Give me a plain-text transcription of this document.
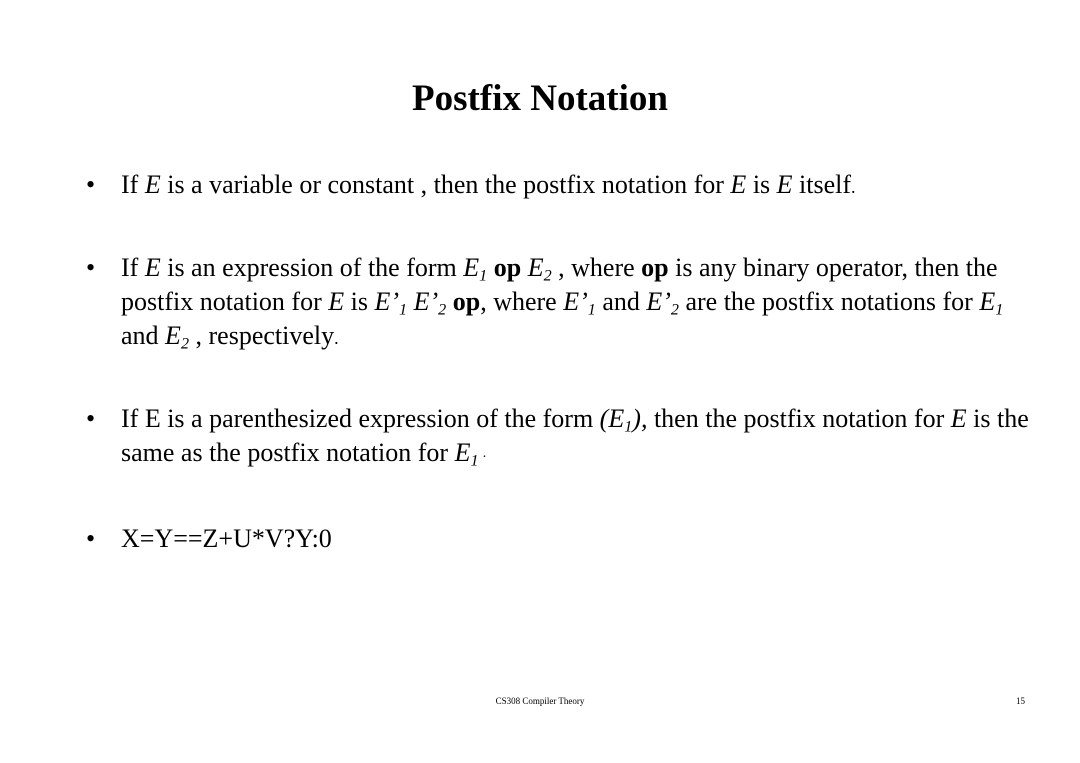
Postfix Notation
• If E is a variable or constant , then the postfix notation for E is E itself.
• If E is an expression of the form $E_1$ op $E_2$ , where op is any binary operator, then the postfix notation for E is $E’_1$ $E’_2$ op, where $E’_1$ and $E’_2$ are the postfix notations for $E_1$ and $E_2$ , respectively.
• If E is a parenthesized expression of the form $(E_1)$, then the postfix notation for E is the same as the postfix notation for $E_1$ ·
• X=Y==Z+U*V?Y:0
CS308 Compiler Theory	15
